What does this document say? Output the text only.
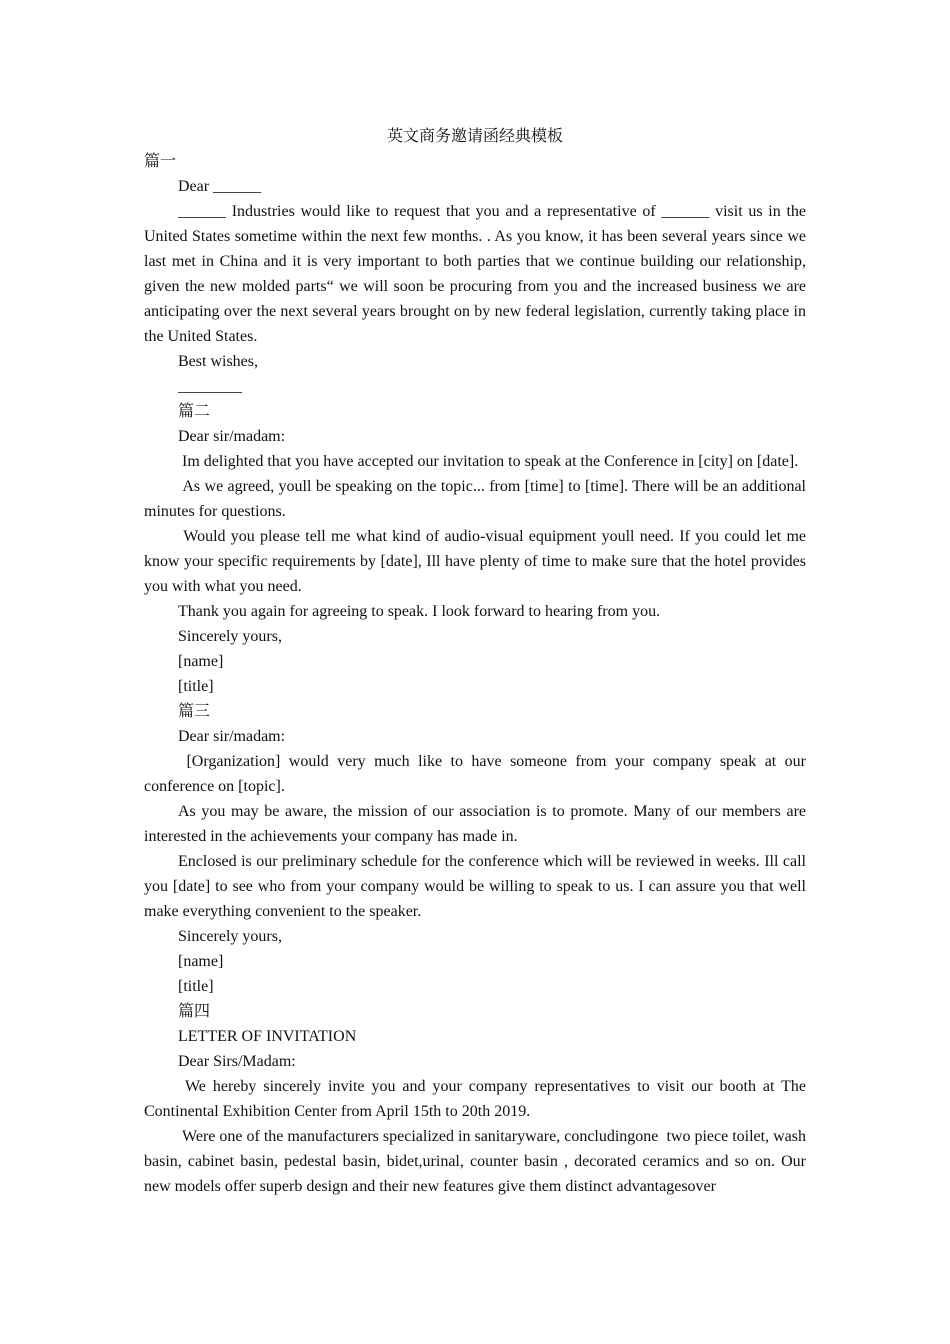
英文商务邀请函经典模板

篇一

Dear ______

______ Industries would like to request that you and a representative of ______ visit us in the United States sometime within the next few months. . As you know, it has been several years since we last met in China and it is very important to both parties that we continue building our relationship, given the new molded parts“ we will soon be procuring from you and the increased business we are anticipating over the next several years brought on by new federal legislation, currently taking place in the United States.

Best wishes,

________

篇二

Dear sir/madam:

Im delighted that you have accepted our invitation to speak at the Conference in [city] on [date].

As we agreed, youll be speaking on the topic... from [time] to [time]. There will be an additional minutes for questions.

Would you please tell me what kind of audio-visual equipment youll need. If you could let me know your specific requirements by [date], Ill have plenty of time to make sure that the hotel provides you with what you need.

Thank you again for agreeing to speak. I look forward to hearing from you.

Sincerely yours,

[name]

[title]

篇三

Dear sir/madam:

[Organization] would very much like to have someone from your company speak at our conference on [topic].

As you may be aware, the mission of our association is to promote. Many of our members are interested in the achievements your company has made in.

Enclosed is our preliminary schedule for the conference which will be reviewed in weeks. Ill call you [date] to see who from your company would be willing to speak to us. I can assure you that well make everything convenient to the speaker.

Sincerely yours,

[name]

[title]

篇四

LETTER OF INVITATION

Dear Sirs/Madam:

We hereby sincerely invite you and your company representatives to visit our booth at The Continental Exhibition Center from April 15th to 20th 2019.

Were one of the manufacturers specialized in sanitaryware, concludingone  two piece toilet, wash basin, cabinet basin, pedestal basin, bidet,urinal, counter basin , decorated ceramics and so on. Our new models offer superb design and their new features give them distinct advantagesover
